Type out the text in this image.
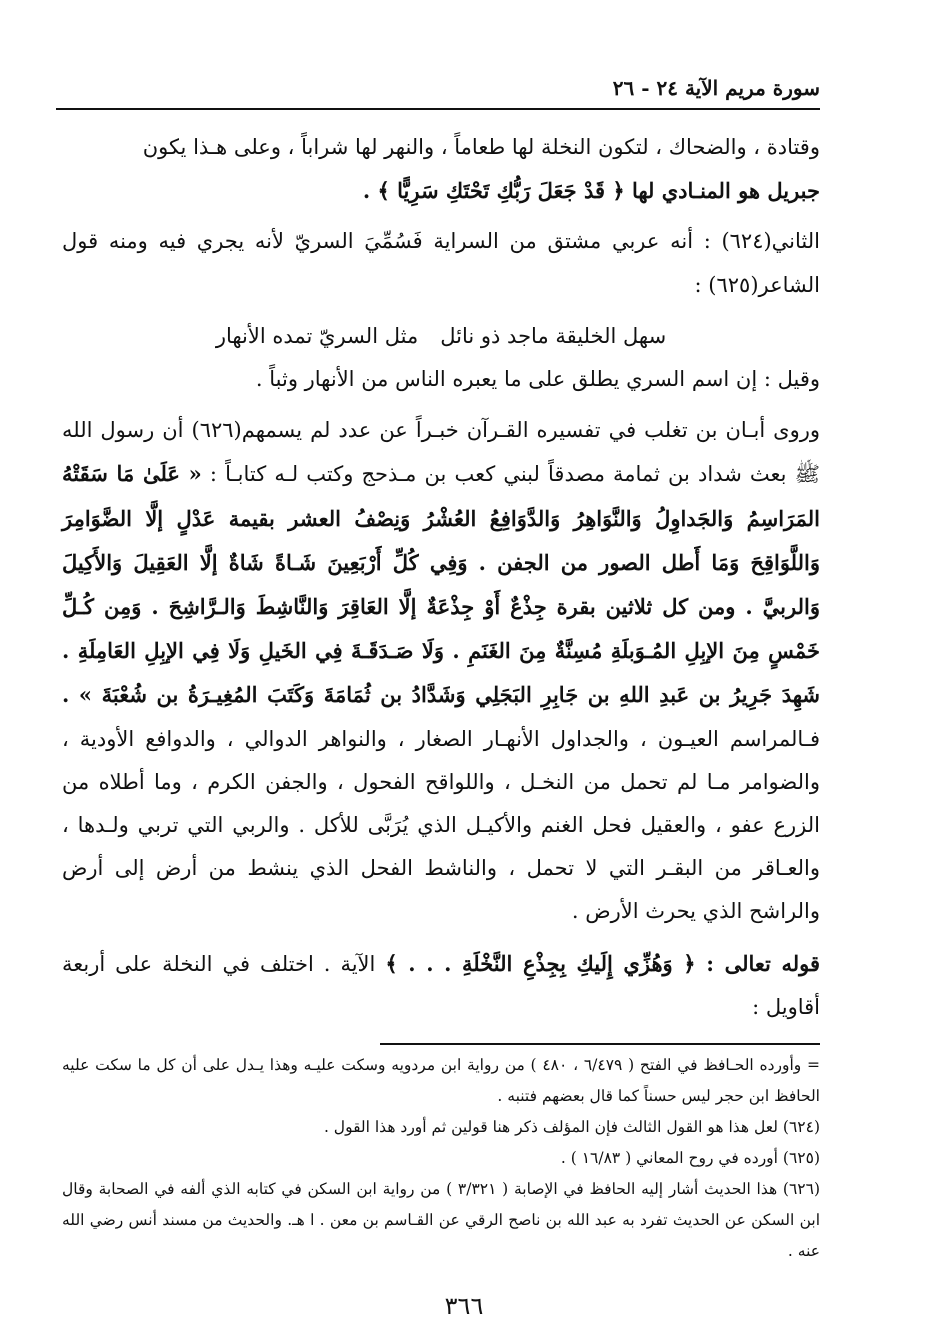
سورة مريم الآية ٢٤ - ٢٦

وقتادة ، والضحاك ، لتكون النخلة لها طعاماً ، والنهر لها شراباً ، وعلى هـذا يكون

جبريل هو المنـادي لها ﴿ قَدْ جَعَلَ رَبُّكِ تَحْتَكِ سَرِيًّا ﴾ .

الثاني(٦٢٤) : أنه عربي مشتق من السراية فَسُمِّيَ السريّ لأنه يجري فيه ومنه قول الشاعر(٦٢٥) :

سهل الخليقة ماجد ذو نائل
مثل السريّ تمده الأنهار

وقيل : إن اسم السري يطلق على ما يعبره الناس من الأنهار وثباً .

وروى أبـان بن تغلب في تفسيره القـرآن خبـراً عن عدد لم يسمهم(٦٢٦) أن رسول الله ﷺ بعث شداد بن ثمامة مصدقاً لبني كعب بن مـذحج وكتب لـه كتابـاً : « عَلَىٰ مَا سَقَتْهُ المَرَاسِمُ وَالجَداوِلُ وَالنَّوَاهِرُ وَالدَّوَافِعُ العُشْرُ وَنِصْفُ العشر بقيمة عَدْلٍ إلَّا الضَّوَامِرَ وَاللَّوَاقِحَ وَمَا أَطل الصور من الجفن . وَفِي كُلِّ أَرْبَعِينَ شَـاةً شَاةٌ إلَّا العَقِيلَ وَالأَكِيلَ وَالربيَّ . ومن كل ثلاثين بقرة جِذْعٌ أَوْ جِذْعَةٌ إلَّا العَاقِرَ وَالنَّاشِطَ وَالـرَّاشِحَ . وَمِن كُـلِّ خَمْسٍ مِنَ الإبِلِ المُـوَبلَةِ مُسِنَّةٌ مِنَ الغَنَمِ . وَلَا صَـدَقَـةَ فِي الخَيلِ وَلَا فِي الإبِلِ العَامِلَةِ . شَهِدَ جَرِيرُ بن عَبدِ اللهِ بن جَابِرِ البَجَلِي وَشَدَّادُ بن ثُمَامَةَ وَكَتَبَ المُغِيـرَةُ بن شُعْبَةَ » . فـالمراسم العيـون ، والجداول الأنهـار الصغار ، والنواهر الدوالي ، والدوافع الأودية ، والضوامر مـا لم تحمل من النخـل ، واللواقح الفحول ، والجفن الكرم ، وما أطلاه من الزرع عفو ، والعقيل فحل الغنم والأكيـل الذي يُرَبَّى للأكل . والربي التي تربي ولـدها ، والعـاقر من البقـر التي لا تحمل ، والناشط الفحل الذي ينشط من أرض إلى أرض والراشح الذي يحرث الأرض .

قوله تعالى : ﴿ وَهُزِّي إِلَيكِ بِجِذْعِ النَّخْلَةِ . . . ﴾ الآية . اختلف في النخلة على أربعة أقاويل :

= وأورده الحـافظ في الفتح ( ٦/٤٧٩ ، ٤٨٠ ) من رواية ابن مردويه وسكت عليـه وهذا يـدل على أن كل ما سكت عليه الحافظ ابن حجر ليس حسناً كما قال بعضهم فتنبه .

(٦٢٤) لعل هذا هو القول الثالث فإن المؤلف ذكر هنا قولين ثم أورد هذا القول .

(٦٢٥) أورده في روح المعاني ( ١٦/٨٣ ) .

(٦٢٦) هذا الحديث أشار إليه الحافظ في الإصابة ( ٣/٣٢١ ) من رواية ابن السكن في كتابه الذي ألفه في الصحابة وقال ابن السكن عن الحديث تفرد به عبد الله بن ناصح الرقي عن القـاسم بن معن . ا هـ. والحديث من مسند أنس رضي الله عنه .

٣٦٦
